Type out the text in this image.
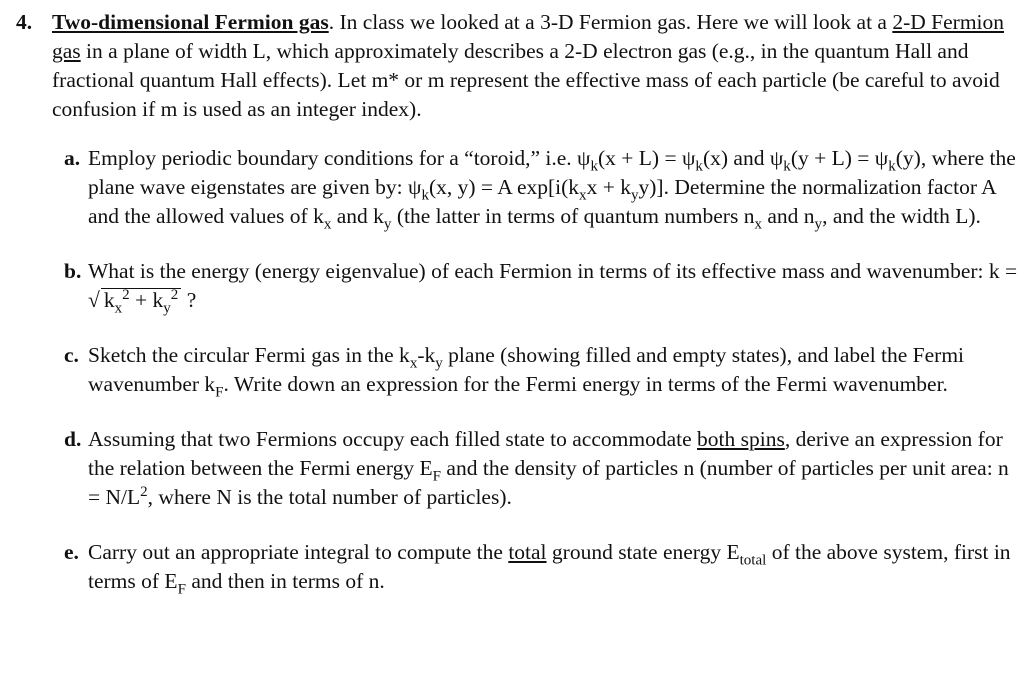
4. Two-dimensional Fermion gas. In class we looked at a 3-D Fermion gas. Here we will look at a 2-D Fermion gas in a plane of width L, which approximately describes a 2-D electron gas (e.g., in the quantum Hall and fractional quantum Hall effects). Let m* or m represent the effective mass of each particle (be careful to avoid confusion if m is used as an integer index).

a. Employ periodic boundary conditions for a “toroid,” i.e. $\psi_k(x + L) = \psi_k(x)$ and $\psi_k(y + L) = \psi_k(y)$, where the plane wave eigenstates are given by: $\psi_k(x$, y) = A $\exp[i(k_xx + k_yy)]$. Determine the normalization factor A and the allowed values of $k_x$ and $k_y$ (the latter in terms of quantum numbers $n_x$ and $n_y$, and the width L).

b. What is the energy (energy eigenvalue) of each Fermion in terms of its effective mass and wavenumber: k = √ $k_x^2 + k_y^2$ ?

c. Sketch the circular Fermi gas in the $k_x-k_y$ plane (showing filled and empty states), and label the Fermi wavenumber $k_F$. Write down an expression for the Fermi energy in terms of the Fermi wavenumber.

d. Assuming that two Fermions occupy each filled state to accommodate both spins, derive an expression for the relation between the Fermi energy $E_F$ and the density of particles n (number of particles per unit area: $n = N/L^2$, where N is the total number of particles).

e. Carry out an appropriate integral to compute the total ground state energy $E_{total}$ of the above system, first in terms of $E_F$ and then in terms of n.
